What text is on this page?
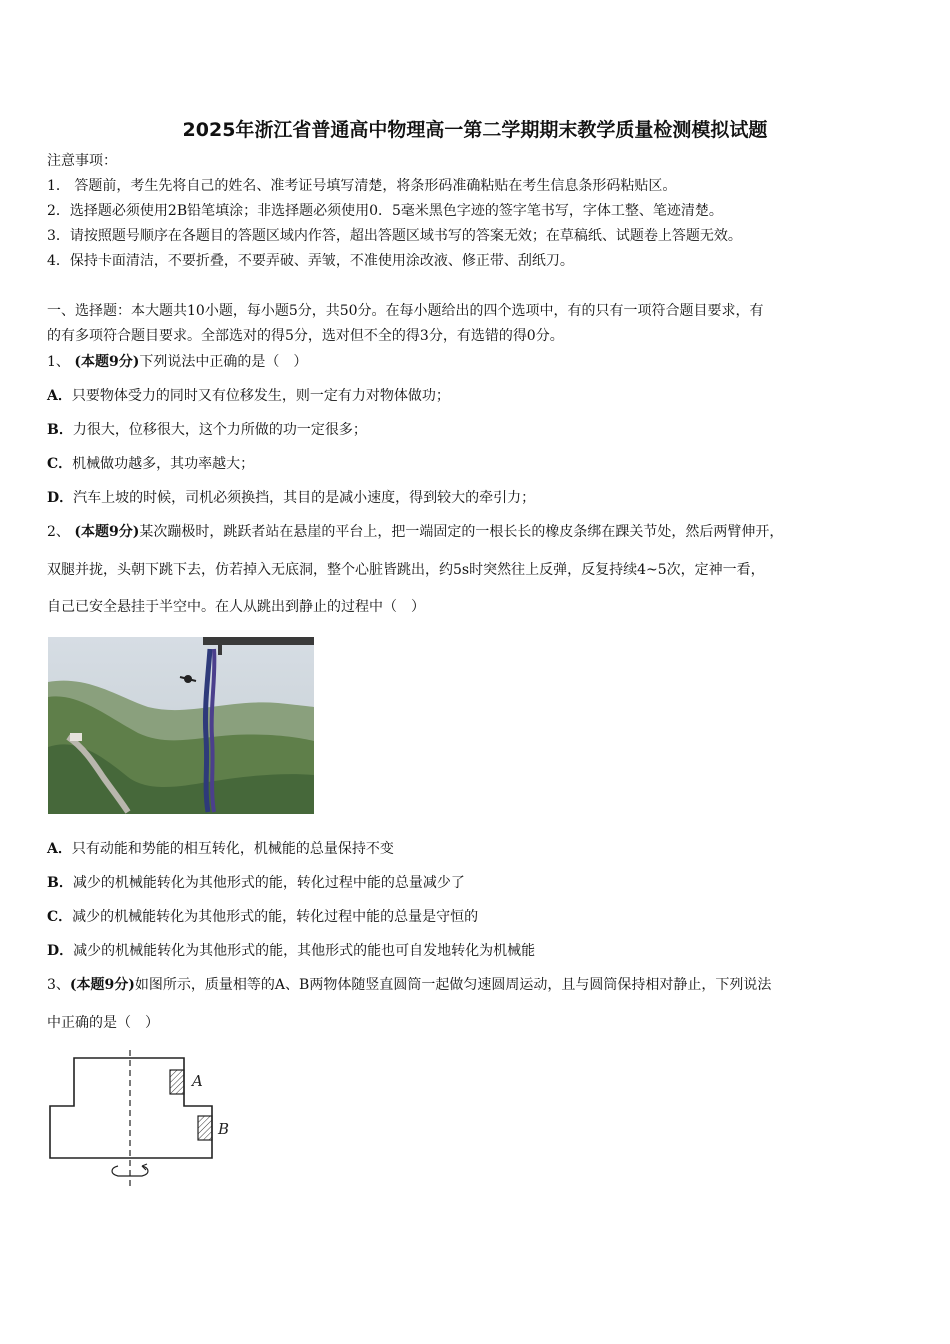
2025年浙江省普通高中物理高一第二学期期末教学质量检测模拟试题
注意事项：
1． 答题前，考生先将自己的姓名、准考证号填写清楚，将条形码准确粘贴在考生信息条形码粘贴区。
2．选择题必须使用2B铅笔填涂；非选择题必须使用0．5毫米黑色字迹的签字笔书写，字体工整、笔迹清楚。
3．请按照题号顺序在各题目的答题区域内作答，超出答题区域书写的答案无效；在草稿纸、试题卷上答题无效。
4．保持卡面清洁，不要折叠，不要弄破、弄皱，不准使用涂改液、修正带、刮纸刀。
一、选择题：本大题共10小题，每小题5分，共50分。在每小题给出的四个选项中，有的只有一项符合题目要求，有
的有多项符合题目要求。全部选对的得5分，选对但不全的得3分，有选错的得0分。
1、 (本题9分)下列说法中正确的是（　）
A．只要物体受力的同时又有位移发生，则一定有力对物体做功；
B．力很大，位移很大，这个力所做的功一定很多；
C．机械做功越多，其功率越大；
D．汽车上坡的时候，司机必须换挡，其目的是减小速度，得到较大的牵引力；
2、 (本题9分)某次蹦极时，跳跃者站在悬崖的平台上，把一端固定的一根长长的橡皮条绑在踝关节处，然后两臂伸开，
双腿并拢，头朝下跳下去，仿若掉入无底洞，整个心脏皆跳出，约5s时突然往上反弹，反复持续4~5次，定神一看，
自己已安全悬挂于半空中。在人从跳出到静止的过程中（　）
A．只有动能和势能的相互转化，机械能的总量保持不变
B．减少的机械能转化为其他形式的能，转化过程中能的总量减少了
C．减少的机械能转化为其他形式的能，转化过程中能的总量是守恒的
D．减少的机械能转化为其他形式的能，其他形式的能也可自发地转化为机械能
3、(本题9分)如图所示，质量相等的A、B两物体随竖直圆筒一起做匀速圆周运动，且与圆筒保持相对静止，下列说法
中正确的是（　）
A
B
